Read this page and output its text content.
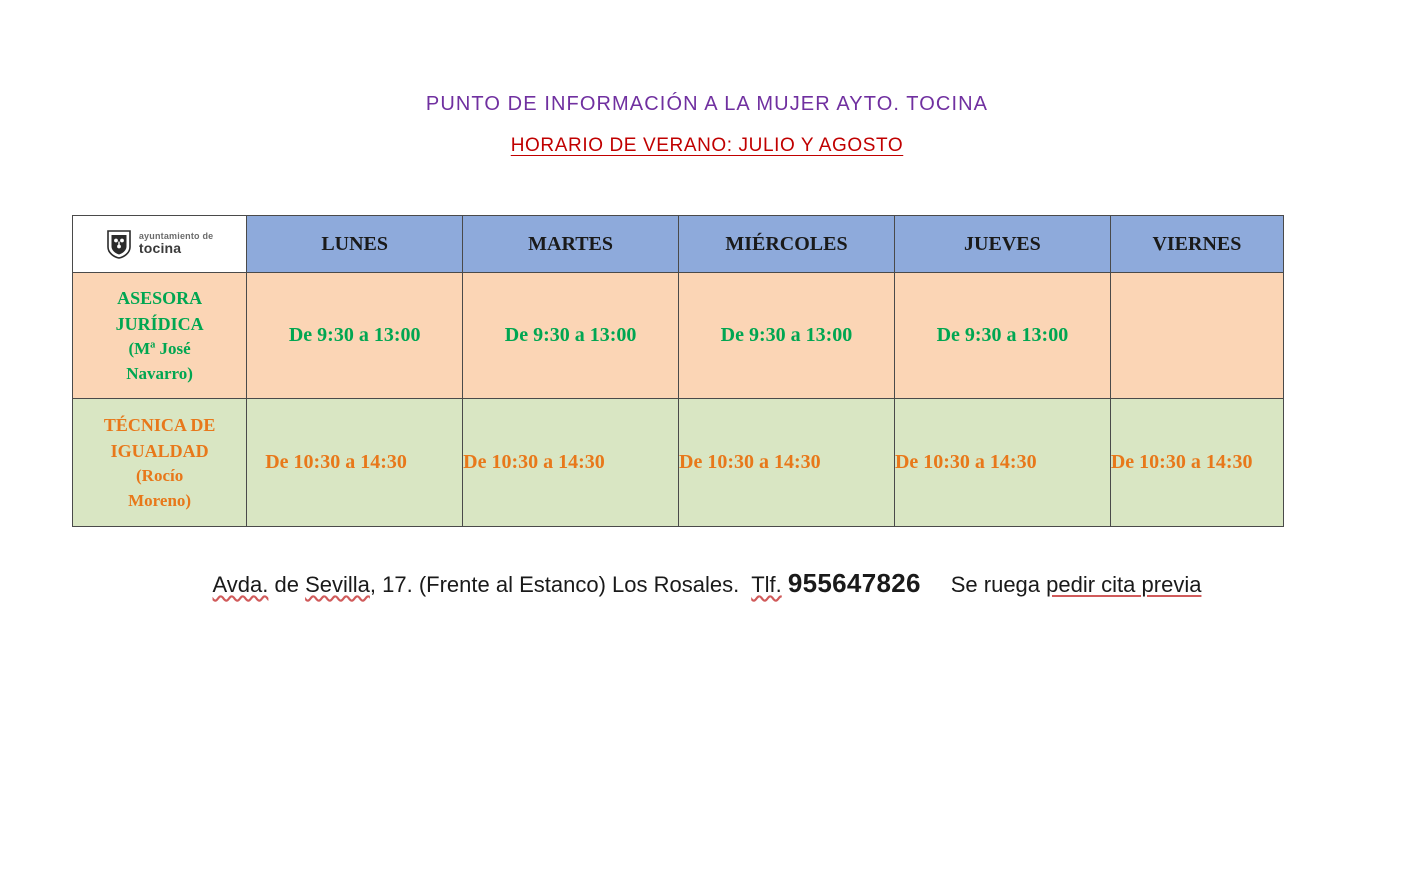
PUNTO DE INFORMACIÓN A LA MUJER AYTO. TOCINA
HORARIO DE VERANO: JULIO Y AGOSTO
ayuntamiento de
tocina	LUNES	MARTES	MIÉRCOLES	JUEVES	VIERNES

ASESORA
JURÍDICA
(Mª José
Navarro)	De 9:30 a 13:00	De 9:30 a 13:00	De 9:30 a 13:00	De 9:30 a 13:00	

TÉCNICA DE
IGUALDAD
(Rocío
Moreno)	De 10:30 a 14:30	De 10:30 a 14:30	De 10:30 a 14:30	De 10:30 a 14:30	De 10:30 a 14:30
Avda. de Sevilla, 17. (Frente al Estanco) Los Rosales. Tlf. 955647826 Se ruega pedir cita previa
